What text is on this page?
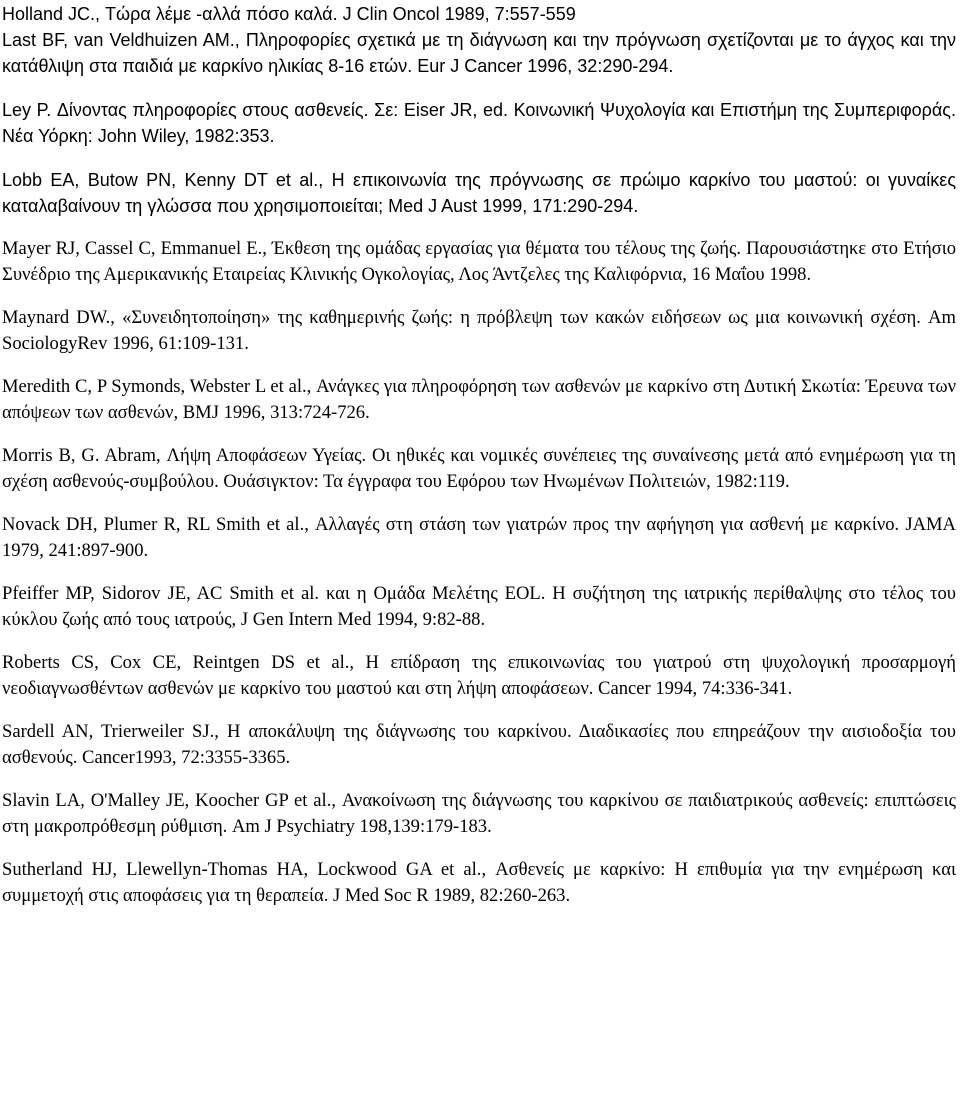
Holland JC., Τώρα λέμε -αλλά πόσο καλά. J Clin Oncol 1989, 7:557-559

Last BF, van Veldhuizen AM., Πληροφορίες σχετικά με τη διάγνωση και την πρόγνωση σχετίζονται με το άγχος και την κατάθλιψη στα παιδιά με καρκίνο ηλικίας 8-16 ετών. Eur J Cancer 1996, 32:290-294.

Ley P. Δίνοντας πληροφορίες στους ασθενείς. Σε: Eiser JR, ed. Κοινωνική Ψυχολογία και Επιστήμη της Συμπεριφοράς. Νέα Υόρκη: John Wiley, 1982:353.

Lobb EA, Butow PN, Kenny DT et al., Η επικοινωνία της πρόγνωσης σε πρώιμο καρκίνο του μαστού: οι γυναίκες καταλαβαίνουν τη γλώσσα που χρησιμοποιείται; Med J Aust 1999, 171:290-294.

Mayer RJ, Cassel C, Emmanuel E., Έκθεση της ομάδας εργασίας για θέματα του τέλους της ζωής. Παρουσιάστηκε στο Ετήσιο Συνέδριο της Αμερικανικής Εταιρείας Κλινικής Ογκολογίας, Λος Άντζελες της Καλιφόρνια, 16 Μαΐου 1998.

Maynard DW., «Συνειδητοποίηση» της καθημερινής ζωής: η πρόβλεψη των κακών ειδήσεων ως μια κοινωνική σχέση. Am SociologyRev 1996, 61:109-131.

Meredith C, P Symonds, Webster L et al., Ανάγκες για πληροφόρηση των ασθενών με καρκίνο στη Δυτική Σκωτία: Έρευνα των απόψεων των ασθενών, BMJ 1996, 313:724-726.

Morris B, G. Abram, Λήψη Αποφάσεων Υγείας. Οι ηθικές και νομικές συνέπειες της συναίνεσης μετά από ενημέρωση για τη σχέση ασθενούς-συμβούλου. Ουάσιγκτον: Τα έγγραφα του Εφόρου των Ηνωμένων Πολιτειών, 1982:119.

Novack DH, Plumer R, RL Smith et al., Αλλαγές στη στάση των γιατρών προς την αφήγηση για ασθενή με καρκίνο. JAMA 1979, 241:897-900.

Pfeiffer MP, Sidorov JE, AC Smith et al. και η Ομάδα Μελέτης EOL. Η συζήτηση της ιατρικής περίθαλψης στο τέλος του κύκλου ζωής από τους ιατρούς, J Gen Intern Med 1994, 9:82-88.

Roberts CS, Cox CE, Reintgen DS et al., Η επίδραση της επικοινωνίας του γιατρού στη ψυχολογική προσαρμογή νεοδιαγνωσθέντων ασθενών με καρκίνο του μαστού και στη λήψη αποφάσεων. Cancer 1994, 74:336-341.

Sardell AN, Trierweiler SJ., Η αποκάλυψη της διάγνωσης του καρκίνου. Διαδικασίες που επηρεάζουν την αισιοδοξία του ασθενούς. Cancer1993, 72:3355-3365.

Slavin LA, O'Malley JE, Koocher GP et al., Ανακοίνωση της διάγνωσης του καρκίνου σε παιδιατρικούς ασθενείς: επιπτώσεις στη μακροπρόθεσμη ρύθμιση. Am J Psychiatry 198,139:179-183.

Sutherland HJ, Llewellyn-Thomas HA, Lockwood GA et al., Ασθενείς με καρκίνο: Η επιθυμία για την ενημέρωση και συμμετοχή στις αποφάσεις για τη θεραπεία. J Med Soc R 1989, 82:260-263.
